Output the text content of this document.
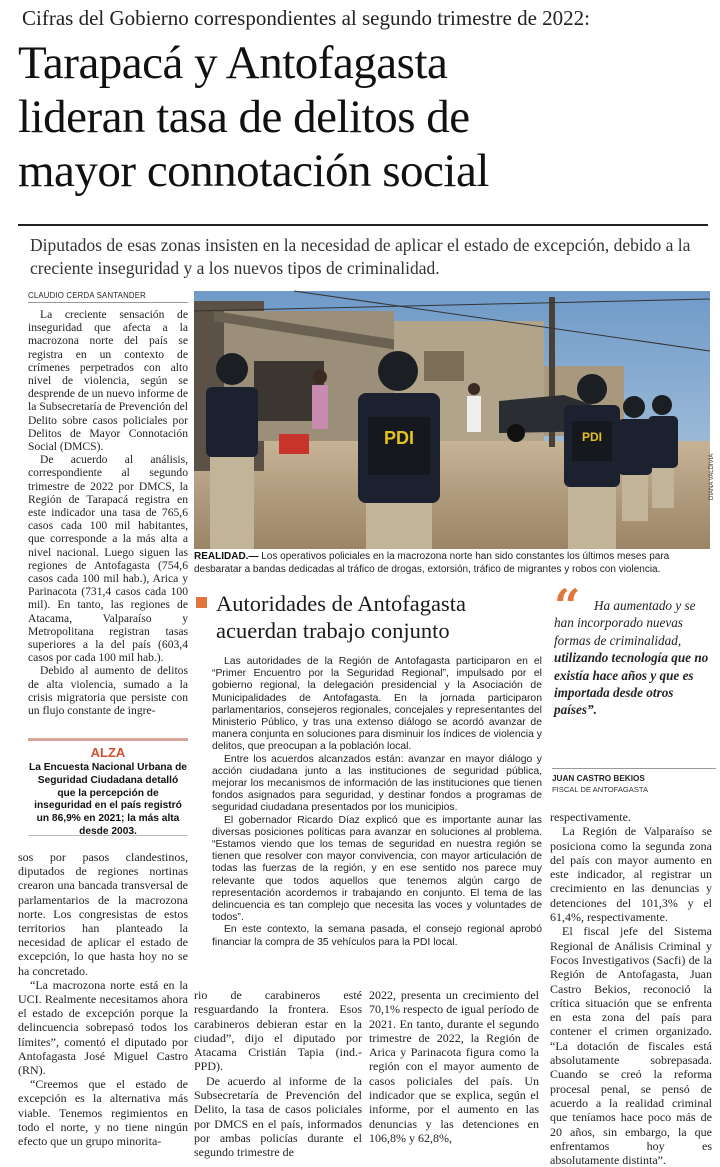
Cifras del Gobierno correspondientes al segundo trimestre de 2022:
Tarapacá y Antofagasta
lideran tasa de delitos de
mayor connotación social
Diputados de esas zonas insisten en la necesidad de aplicar el estado de excepción, debido a la creciente inseguridad y a los nuevos tipos de criminalidad.
CLAUDIO CERDA SANTANDER

La creciente sensación de inseguridad que afecta a la macrozona norte del país se registra en un contexto de crímenes perpetrados con alto nivel de violencia, según se desprende de un nuevo informe de la Subsecretaría de Prevención del Delito sobre casos policiales por Delitos de Mayor Connotación Social (DMCS).

De acuerdo al análisis, correspondiente al segundo trimestre de 2022 por DMCS, la Región de Tarapacá registra en este indicador una tasa de 765,6 casos cada 100 mil habitantes, que corresponde a la más alta a nivel nacional. Luego siguen las regiones de Antofagasta (754,6 casos cada 100 mil hab.), Arica y Parinacota (731,4 casos cada 100 mil). En tanto, las regiones de Atacama, Valparaíso y Metropolitana registran tasas superiores a la del país (603,4 casos por cada 100 mil hab.).

Debido al aumento de delitos de alta violencia, sumado a la crisis migratoria que persiste con un flujo constante de ingre-

ALZA
La Encuesta Nacional Urbana de Seguridad Ciudadana detalló que la percepción de inseguridad en el país registró un 86,9% en 2021; la más alta desde 2003.

sos por pasos clandestinos, diputados de regiones nortinas crearon una bancada transversal de parlamentarios de la macrozona norte. Los congresistas de estos territorios han planteado la necesidad de aplicar el estado de excepción, lo que hasta hoy no se ha concretado.

“La macrozona norte está en la UCI. Realmente necesitamos ahora el estado de excepción porque la delincuencia sobrepasó todos los límites”, comentó el diputado por Antofagasta José Miguel Castro (RN).

“Creemos que el estado de excepción es la alternativa más viable. Tenemos regimientos en todo el norte, y no tiene ningún efecto que un grupo minorita-

PDI	PDI
DIANA VALDIVIA
REALIDAD.— Los operativos policiales en la macrozona norte han sido constantes los últimos meses para desbaratar a bandas dedicadas al tráfico de drogas, extorsión, tráfico de migrantes y robos con violencia.
Autoridades de Antofagasta
acuerdan trabajo conjunto

Las autoridades de la Región de Antofagasta participaron en el “Primer Encuentro por la Seguridad Regional”, impulsado por el gobierno regional, la delegación presidencial y la Asociación de Municipalidades de Antofagasta. En la jornada participaron parlamentarios, consejeros regionales, concejales y representantes del Ministerio Público, y tras una extenso diálogo se acordó avanzar de manera conjunta en soluciones para disminuir los índices de violencia y delitos, que preocupan a la población local.

Entre los acuerdos alcanzados están: avanzar en mayor diálogo y acción ciudadana junto a las instituciones de seguridad pública, mejorar los mecanismos de información de las instituciones que tienen fondos asignados para seguridad, y destinar fondos a programas de seguridad ciudadana presentados por los municipios.

El gobernador Ricardo Díaz explicó que es importante aunar las diversas posiciones políticas para avanzar en soluciones al problema. “Estamos viendo que los temas de seguridad en nuestra región se tienen que resolver con mayor convivencia, con mayor articulación de todas las fuerzas de la región, y en ese sentido nos parece muy relevante que todos aquellos que tenemos algún cargo de representación acordemos ir trabajando en conjunto. El tema de las delincuencia es tan complejo que necesita las voces y voluntades de todos”.

En este contexto, la semana pasada, el consejo regional aprobó financiar la compra de 35 vehículos para la PDI local.

“	Ha aumentado y se han incorporado nuevas formas de criminalidad, utilizando tecnología que no existía hace años y que es importada desde otros países”.
JUAN CASTRO BEKIOS
FISCAL DE ANTOFAGASTA

respectivamente.

La Región de Valparaíso se posiciona como la segunda zona del país con mayor aumento en este indicador, al registrar un crecimiento en las denuncias y detenciones del 101,3% y el 61,4%, respectivamente.

El fiscal jefe del Sistema Regional de Análisis Criminal y Focos Investigativos (Sacfi) de la Región de Antofagasta, Juan Castro Bekios, reconoció la crítica situación que se enfrenta en esta zona del país para contener el crimen organizado. “La dotación de fiscales está absolutamente sobrepasada. Cuando se creó la reforma procesal penal, se pensó de acuerdo a la realidad criminal que teníamos hace poco más de 20 años, sin embargo, la que enfrentamos hoy es absolutamente distinta”.

rio de carabineros esté resguardando la frontera. Esos carabineros debieran estar en la ciudad”, dijo el diputado por Atacama Cristián Tapia (ind.-PPD).

De acuerdo al informe de la Subsecretaría de Prevención del Delito, la tasa de casos policiales por DMCS en el país, informados por ambas policías durante el segundo trimestre de

2022, presenta un crecimiento del 70,1% respecto de igual período de 2021. En tanto, durante el segundo trimestre de 2022, la Región de Arica y Parinacota figura como la región con el mayor aumento de casos policiales del país. Un indicador que se explica, según el informe, por el aumento en las denuncias y las detenciones en 106,8% y 62,8%,
